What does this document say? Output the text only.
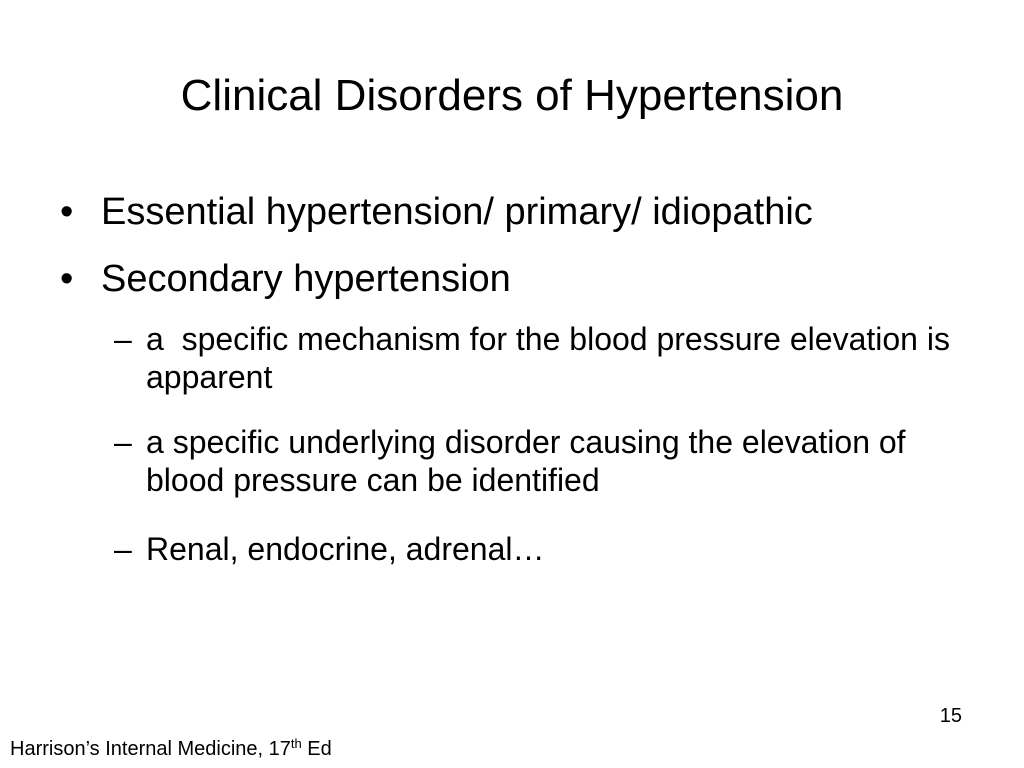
Clinical Disorders of Hypertension
• Essential hypertension/ primary/ idiopathic
• Secondary hypertension
– a  specific mechanism for the blood pressure elevation is apparent
– a specific underlying disorder causing the elevation of blood pressure can be identified
– Renal, endocrine, adrenal…
15
Harrison’s Internal Medicine, 17th Ed
